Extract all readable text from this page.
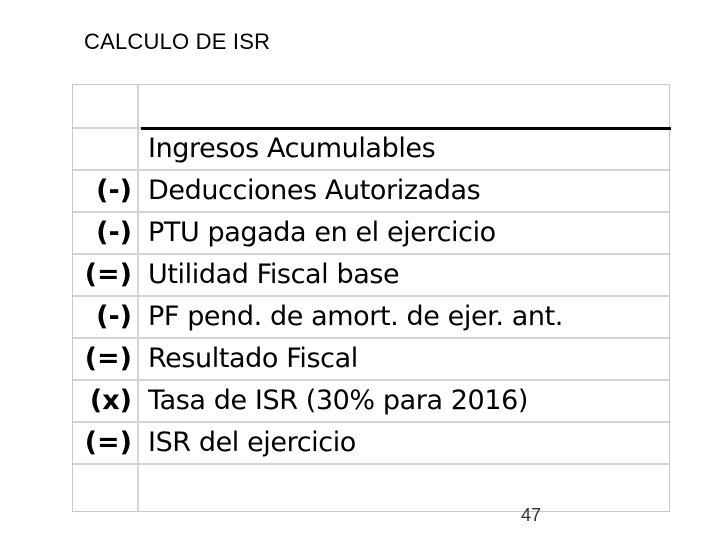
CALCULO DE ISR
Ingresos Acumulables
(-) Deducciones Autorizadas
(-) PTU pagada en el ejercicio
(=) Utilidad Fiscal base
(-) PF pend. de amort. de ejer. ant.
(=) Resultado Fiscal
(x) Tasa de ISR (30% para 2016)
(=) ISR del ejercicio
47
